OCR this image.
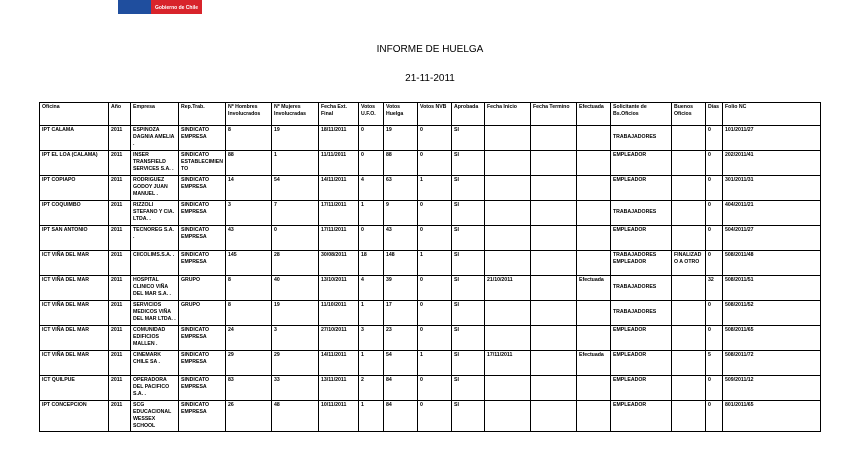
Gobierno de Chile
INFORME DE HUELGA
21-11-2011
Oficina	Año	Empresa	Rep.Trab.	Nº Hombres Involucrados	Nº Mujeres Involucradas	Fecha Ext. Final	Votos U.F.O.	Votos Huelga	Votos NVB	Aprobada	Fecha Inicio	Fecha Termino	Efectuada	Solicitante de Bs.Oficios	Buenos Oficios	Días	Folio NC
IPT CALAMA	2011	ESPINOZA DAGNIA AMELIA .	SINDICATO EMPRESA	8	19	18/11/2011	0	19	0	SI				TRABAJADORES		0	101/2011/27
IPT EL LOA (CALAMA)	2011	INSER TRANSFIELD SERVICES S.A. .	SINDICATO ESTABLECIMIENTO	88	1	11/11/2011	0	88	0	SI				EMPLEADOR		0	202/2011/41
IPT COPIAPO	2011	RODRIGUEZ GODOY JUAN MANUEL .	SINDICATO EMPRESA	14	54	14/11/2011	4	63	1	SI				EMPLEADOR		0	301/2011/31
IPT COQUIMBO	2011	RIZZOLI STEFANO Y CIA. LTDA. .	SINDICATO EMPRESA	3	7	17/11/2011	1	9	0	SI				TRABAJADORES		0	404/2011/21
IPT SAN ANTONIO	2011	TECNOREG S.A. .	SINDICATO EMPRESA	43	0	17/11/2011	0	43	0	SI				EMPLEADOR		0	504/2011/27
ICT VIÑA DEL MAR	2011	CIICOLIMS.S.A. .	SINDICATO EMPRESA	145	28	30/08/2011	18	148	1	SI				TRABAJADORES EMPLEADOR	FINALIZADO A OTRO	0	508/2011/48
ICT VIÑA DEL MAR	2011	HOSPITAL CLINICO VIÑA DEL MAR S.A. .	GRUPO	8	40	13/10/2011	4	39	0	SI	21/10/2011		Efectuada	TRABAJADORES		32	508/2011/51
ICT VIÑA DEL MAR	2011	SERVICIOS MEDICOS VIÑA DEL MAR LTDA. .	GRUPO	8	19	11/10/2011	1	17	0	SI				TRABAJADORES		0	508/2011/52
ICT VIÑA DEL MAR	2011	COMUNIDAD EDIFICIOS MALLEN .	SINDICATO EMPRESA	24	3	27/10/2011	3	23	0	SI				EMPLEADOR		0	508/2011/65
ICT VIÑA DEL MAR	2011	CINEMARK CHILE SA .	SINDICATO EMPRESA	29	29	14/11/2011	1	54	1	SI	17/11/2011		Efectuada	EMPLEADOR		5	508/2011/72
ICT QUILPUE	2011	OPERADORA DEL PACIFICO S.A. .	SINDICATO EMPRESA	83	33	13/11/2011	2	84	0	SI				EMPLEADOR		0	509/2011/12
IPT CONCEPCION	2011	SCG EDUCACIONAL WESSEX SCHOOL	SINDICATO EMPRESA	26	48	10/11/2011	1	84	0	SI				EMPLEADOR		0	801/2011/65
